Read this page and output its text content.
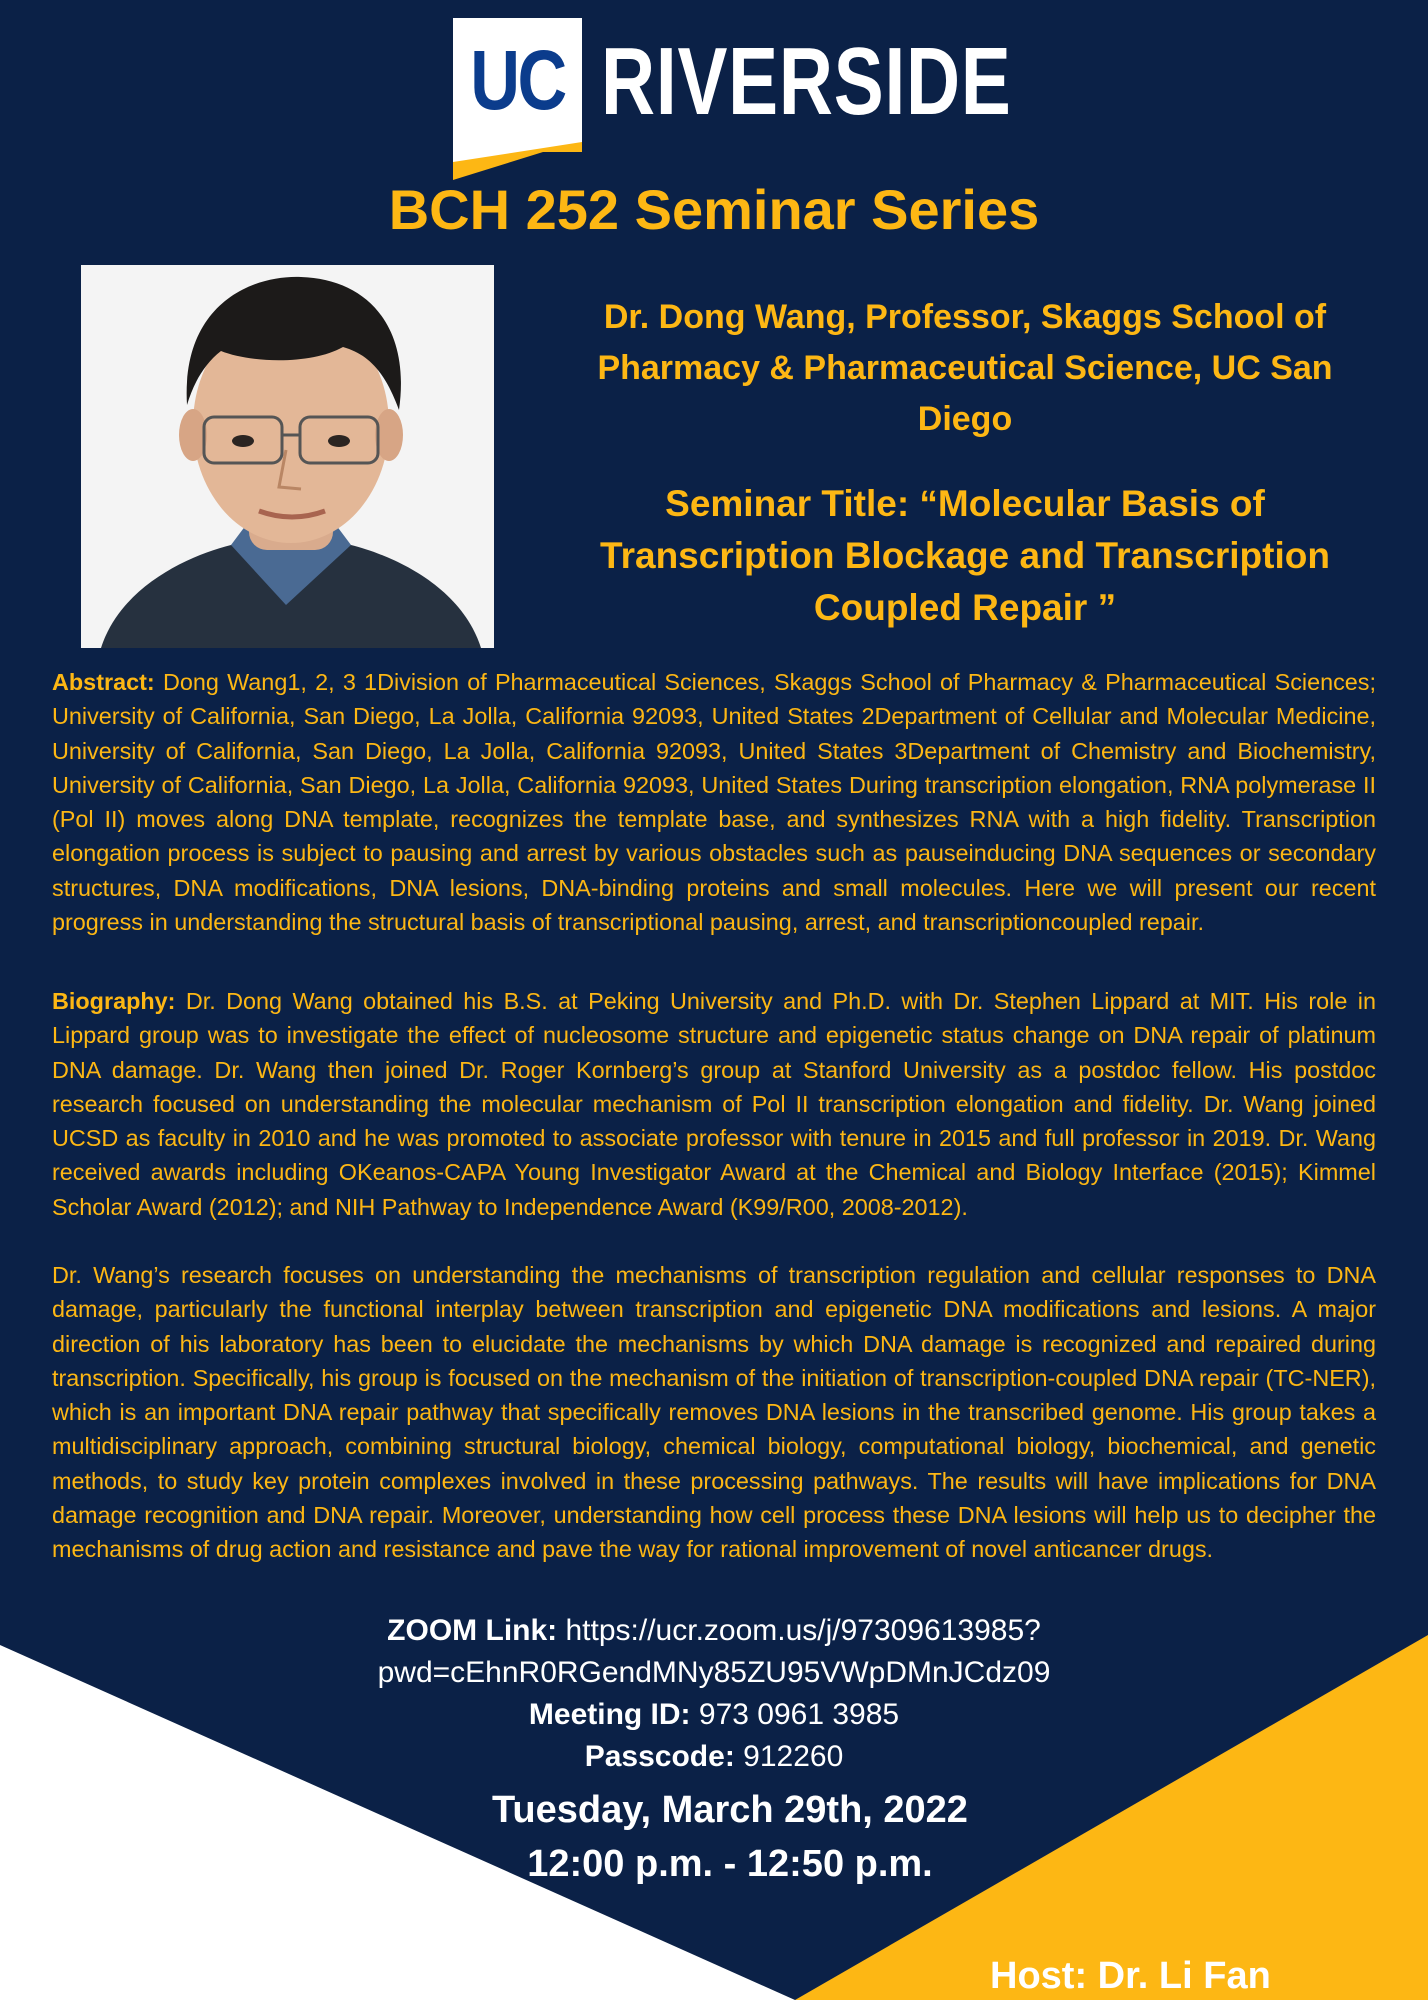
UC RIVERSIDE
BCH 252 Seminar Series
Dr. Dong Wang, Professor, Skaggs School of
Pharmacy & Pharmaceutical Science, UC San
Diego
Seminar Title: “Molecular Basis of
Transcription Blockage and Transcription
Coupled Repair ”
Abstract: Dong Wang1, 2, 3 1Division of Pharmaceutical Sciences, Skaggs School of Pharmacy & Pharmaceutical Sciences; University of California, San Diego, La Jolla, California 92093, United States 2Department of Cellular and Molecular Medicine, University of California, San Diego, La Jolla, California 92093, United States 3Department of Chemistry and Biochemistry, University of California, San Diego, La Jolla, California 92093, United States During transcription elongation, RNA polymerase II (Pol II) moves along DNA template, recognizes the template base, and synthesizes RNA with a high fidelity. Transcription elongation process is subject to pausing and arrest by various obstacles such as pauseinducing DNA sequences or secondary structures, DNA modifications, DNA lesions, DNA-binding proteins and small molecules. Here we will present our recent progress in understanding the structural basis of transcriptional pausing, arrest, and transcriptioncoupled repair.
Biography: Dr. Dong Wang obtained his B.S. at Peking University and Ph.D. with Dr. Stephen Lippard at MIT. His role in Lippard group was to investigate the effect of nucleosome structure and epigenetic status change on DNA repair of platinum DNA damage. Dr. Wang then joined Dr. Roger Kornberg’s group at Stanford University as a postdoc fellow. His postdoc research focused on understanding the molecular mechanism of Pol II transcription elongation and fidelity. Dr. Wang joined UCSD as faculty in 2010 and he was promoted to associate professor with tenure in 2015 and full professor in 2019. Dr. Wang received awards including OKeanos-CAPA Young Investigator Award at the Chemical and Biology Interface (2015); Kimmel Scholar Award (2012); and NIH Pathway to Independence Award (K99/R00, 2008-2012).
Dr. Wang’s research focuses on understanding the mechanisms of transcription regulation and cellular responses to DNA damage, particularly the functional interplay between transcription and epigenetic DNA modifications and lesions. A major direction of his laboratory has been to elucidate the mechanisms by which DNA damage is recognized and repaired during transcription. Specifically, his group is focused on the mechanism of the initiation of transcription-coupled DNA repair (TC-NER), which is an important DNA repair pathway that specifically removes DNA lesions in the transcribed genome. His group takes a multidisciplinary approach, combining structural biology, chemical biology, computational biology, biochemical, and genetic methods, to study key protein complexes involved in these processing pathways. The results will have implications for DNA damage recognition and DNA repair. Moreover, understanding how cell process these DNA lesions will help us to decipher the mechanisms of drug action and resistance and pave the way for rational improvement of novel anticancer drugs.
ZOOM Link: https://ucr.zoom.us/j/97309613985?
pwd=cEhnR0RGendMNy85ZU95VWpDMnJCdz09
Meeting ID: 973 0961 3985
Passcode: 912260
Tuesday, March 29th, 2022
12:00 p.m. - 12:50 p.m.
Host: Dr. Li Fan
